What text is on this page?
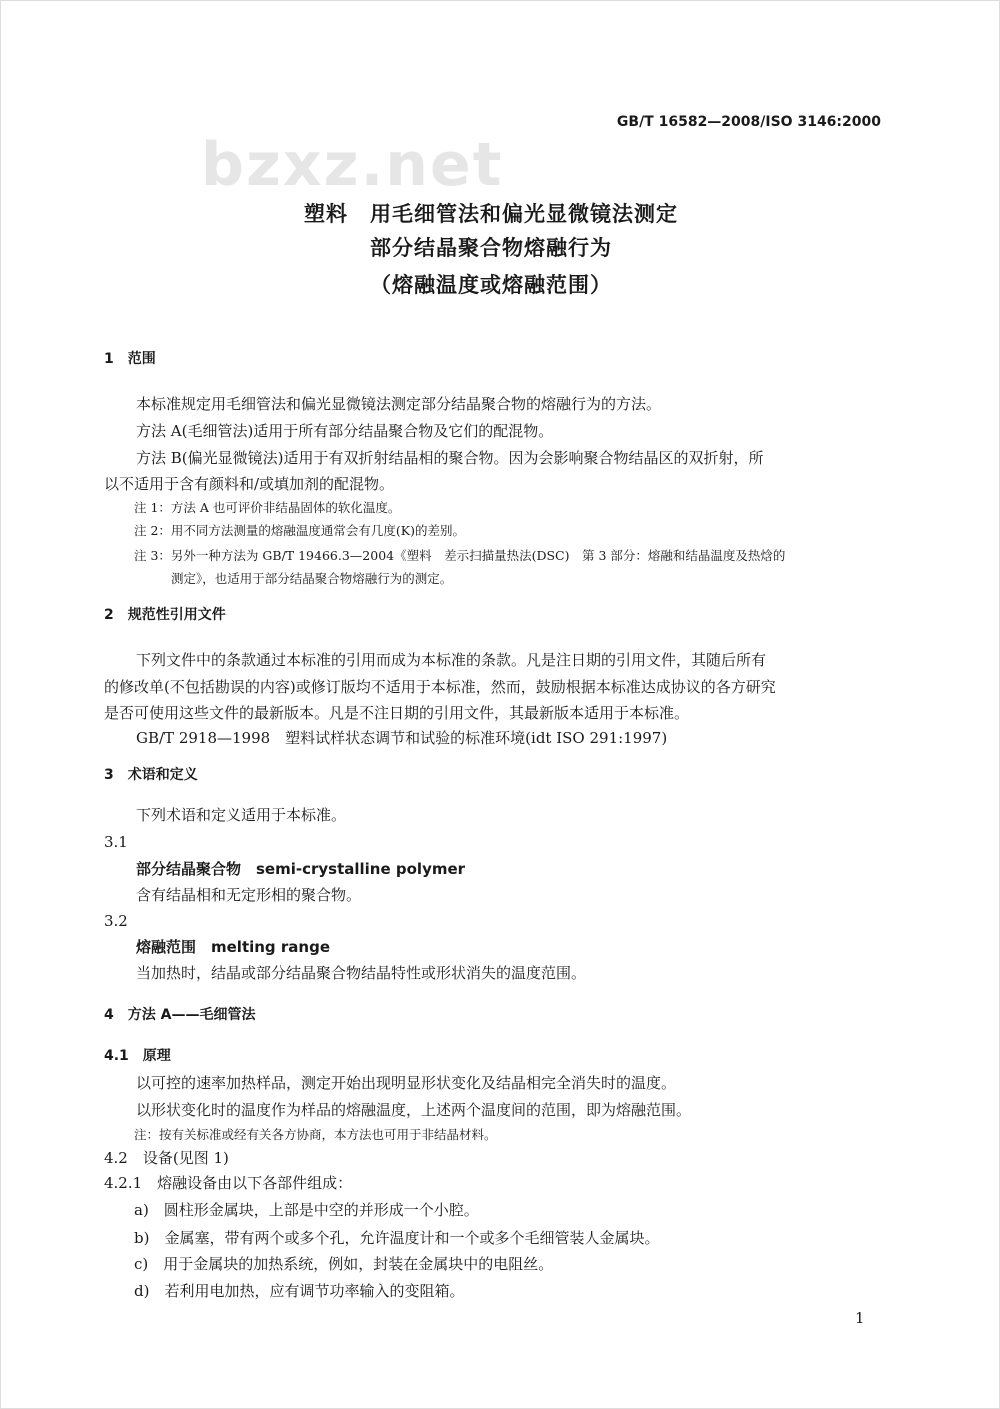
bzxz.net
GB/T 16582—2008/ISO 3146:2000
塑料　用毛细管法和偏光显微镜法测定
部分结晶聚合物熔融行为
（熔融温度或熔融范围）
1　范围
本标准规定用毛细管法和偏光显微镜法测定部分结晶聚合物的熔融行为的方法。
方法 A(毛细管法)适用于所有部分结晶聚合物及它们的配混物。
方法 B(偏光显微镜法)适用于有双折射结晶相的聚合物。因为会影响聚合物结晶区的双折射，所
以不适用于含有颜料和/或填加剂的配混物。
注 1：方法 A 也可评价非结晶固体的软化温度。
注 2：用不同方法测量的熔融温度通常会有几度(K)的差别。
注 3：另外一种方法为 GB/T 19466.3—2004《塑料　差示扫描量热法(DSC)　第 3 部分：熔融和结晶温度及热焓的
测定》，也适用于部分结晶聚合物熔融行为的测定。
2　规范性引用文件
下列文件中的条款通过本标准的引用而成为本标准的条款。凡是注日期的引用文件，其随后所有
的修改单(不包括勘误的内容)或修订版均不适用于本标准，然而，鼓励根据本标准达成协议的各方研究
是否可使用这些文件的最新版本。凡是不注日期的引用文件，其最新版本适用于本标准。
GB/T 2918—1998　塑料试样状态调节和试验的标准环境(idt ISO 291:1997)
3　术语和定义
下列术语和定义适用于本标准。
3.1
部分结晶聚合物　semi-crystalline polymer
含有结晶相和无定形相的聚合物。
3.2
熔融范围　melting range
当加热时，结晶或部分结晶聚合物结晶特性或形状消失的温度范围。
4　方法 A——毛细管法
4.1　原理
以可控的速率加热样品，测定开始出现明显形状变化及结晶相完全消失时的温度。
以形状变化时的温度作为样品的熔融温度，上述两个温度间的范围，即为熔融范围。
注：按有关标准或经有关各方协商，本方法也可用于非结晶材料。
4.2　设备(见图 1)
4.2.1　熔融设备由以下各部件组成：
a)　圆柱形金属块，上部是中空的并形成一个小腔。
b)　金属塞，带有两个或多个孔，允许温度计和一个或多个毛细管装人金属块。
c)　用于金属块的加热系统，例如，封装在金属块中的电阻丝。
d)　若利用电加热，应有调节功率输入的变阻箱。
1
